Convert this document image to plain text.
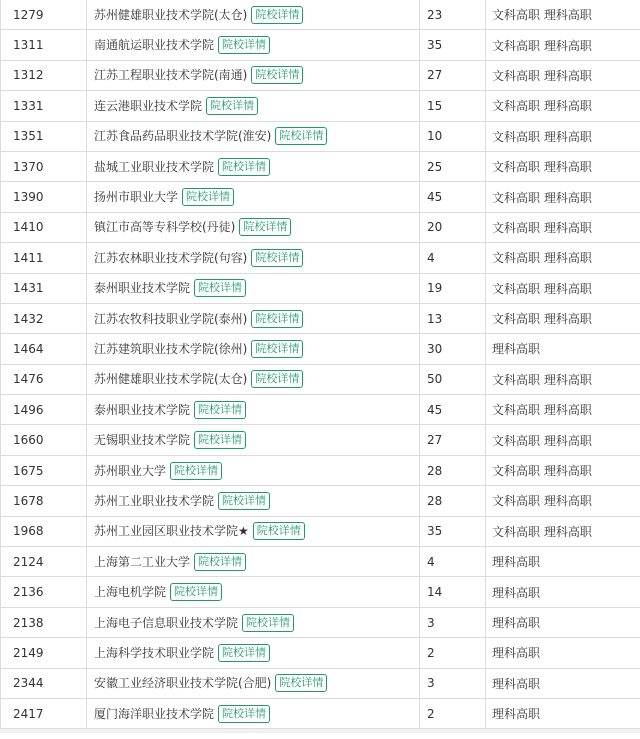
1279	苏州健雄职业技术学院(太仓) 院校详情	23	文科高职 理科高职
1311	南通航运职业技术学院 院校详情	35	文科高职 理科高职
1312	江苏工程职业技术学院(南通) 院校详情	27	文科高职 理科高职
1331	连云港职业技术学院 院校详情	15	文科高职 理科高职
1351	江苏食品药品职业技术学院(淮安) 院校详情	10	文科高职 理科高职
1370	盐城工业职业技术学院 院校详情	25	文科高职 理科高职
1390	扬州市职业大学 院校详情	45	文科高职 理科高职
1410	镇江市高等专科学校(丹徒) 院校详情	20	文科高职 理科高职
1411	江苏农林职业技术学院(句容) 院校详情	4	文科高职 理科高职
1431	泰州职业技术学院 院校详情	19	文科高职 理科高职
1432	江苏农牧科技职业学院(泰州) 院校详情	13	文科高职 理科高职
1464	江苏建筑职业技术学院(徐州) 院校详情	30	理科高职
1476	苏州健雄职业技术学院(太仓) 院校详情	50	文科高职 理科高职
1496	泰州职业技术学院 院校详情	45	文科高职 理科高职
1660	无锡职业技术学院 院校详情	27	文科高职 理科高职
1675	苏州职业大学 院校详情	28	文科高职 理科高职
1678	苏州工业职业技术学院 院校详情	28	文科高职 理科高职
1968	苏州工业园区职业技术学院★ 院校详情	35	文科高职 理科高职
2124	上海第二工业大学 院校详情	4	理科高职
2136	上海电机学院 院校详情	14	理科高职
2138	上海电子信息职业技术学院 院校详情	3	理科高职
2149	上海科学技术职业学院 院校详情	2	理科高职
2344	安徽工业经济职业技术学院(合肥) 院校详情	3	理科高职
2417	厦门海洋职业技术学院 院校详情	2	理科高职
